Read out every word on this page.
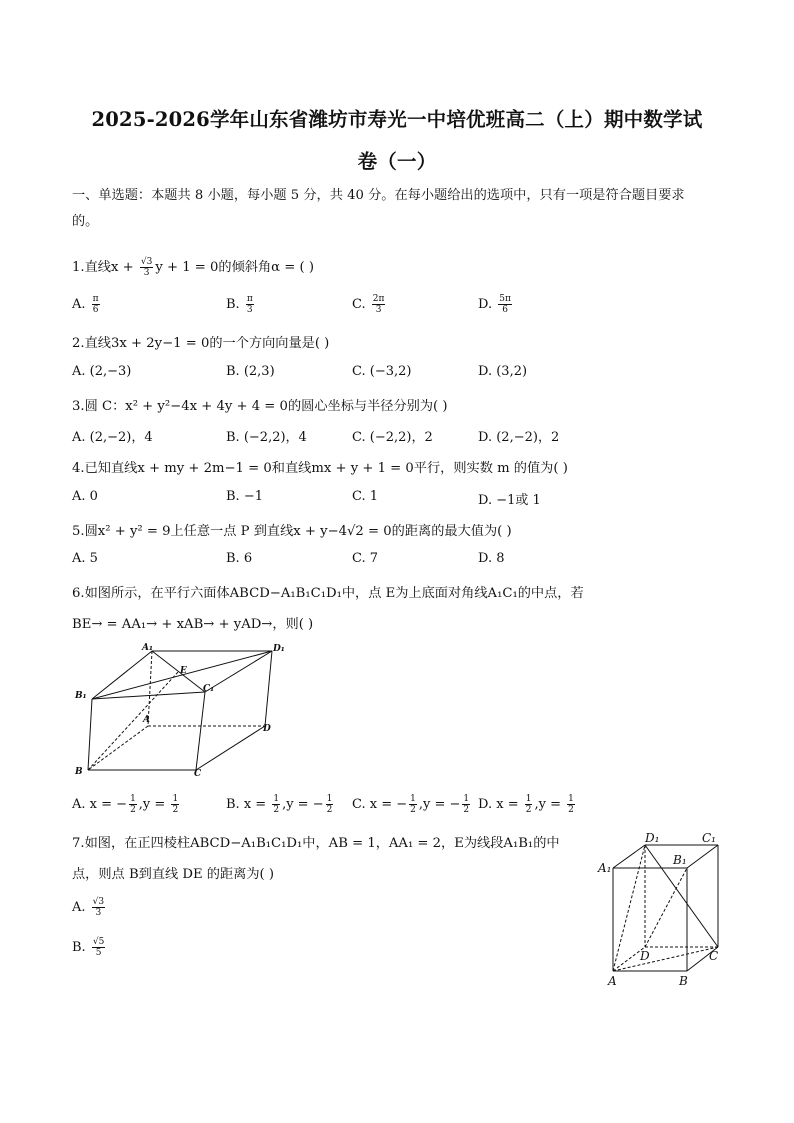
2025-2026学年山东省潍坊市寿光一中培优班高二（上）期中数学试
卷（一）
一、单选题：本题共 8 小题，每小题 5 分，共 40 分。在每小题给出的选项中，只有一项是符合题目要求
的。
1.直线$x + \frac{√3}{3}$ y + 1 = 0的倾斜角α = ( )
A. $\frac{\pi}{6}$	B. $\frac{\pi}{3}$	C. $\frac{2\pi}{3}$	D. $\frac{5\pi}{6}$
2.直线3x + 2y−1 = 0的一个方向向量是( )
A. (2,−3)	B. (2,3)	C. (−3,2)	D. (3,2)
3.圆 C：x² + y²−4x + 4y + 4 = 0的圆心坐标与半径分别为( )
A. (2,−2)，4	B. (−2,2)，4	C. (−2,2)，2	D. (2,−2)，2
4.已知直线x + my + 2m−1 = 0和直线mx + y + 1 = 0平行，则实数 m 的值为( )
A. 0	B. −1	C. 1	D. −1或 1
5.圆x² + y² = 9上任意一点 P 到直线x + y−4√2 = 0的距离的最大值为( )
A. 5	B. 6	C. 7	D. 8
6.如图所示，在平行六面体ABCD−A₁B₁C₁D₁中，点 E为上底面对角线A₁C₁的中点，若
BE→ = AA₁→ + xAB→ + yAD→，则( )
A₁	D₁
E
C₁
B₁
A
D
B	C
A. x = − $\frac{1}{2} ,y = \frac{1}{2}$	B. $x = \frac{1}{2} ,y$ = − $\frac{1}{2} C$. x = − $\frac{1}{2} ,y$ = − $\frac{1}{2} D$. $x = \frac{1}{2} ,y = \frac{1}{2}$
7.如图，在正四棱柱ABCD−A₁B₁C₁D₁中，AB = 1，AA₁ = 2，E为线段A₁B₁的中
点，则点 B到直线 DE 的距离为( )
A. $\frac{√3}{3}$
B. $\frac{√5}{5}$
D₁	C₁
A₁
B₁
D	C
A	B
